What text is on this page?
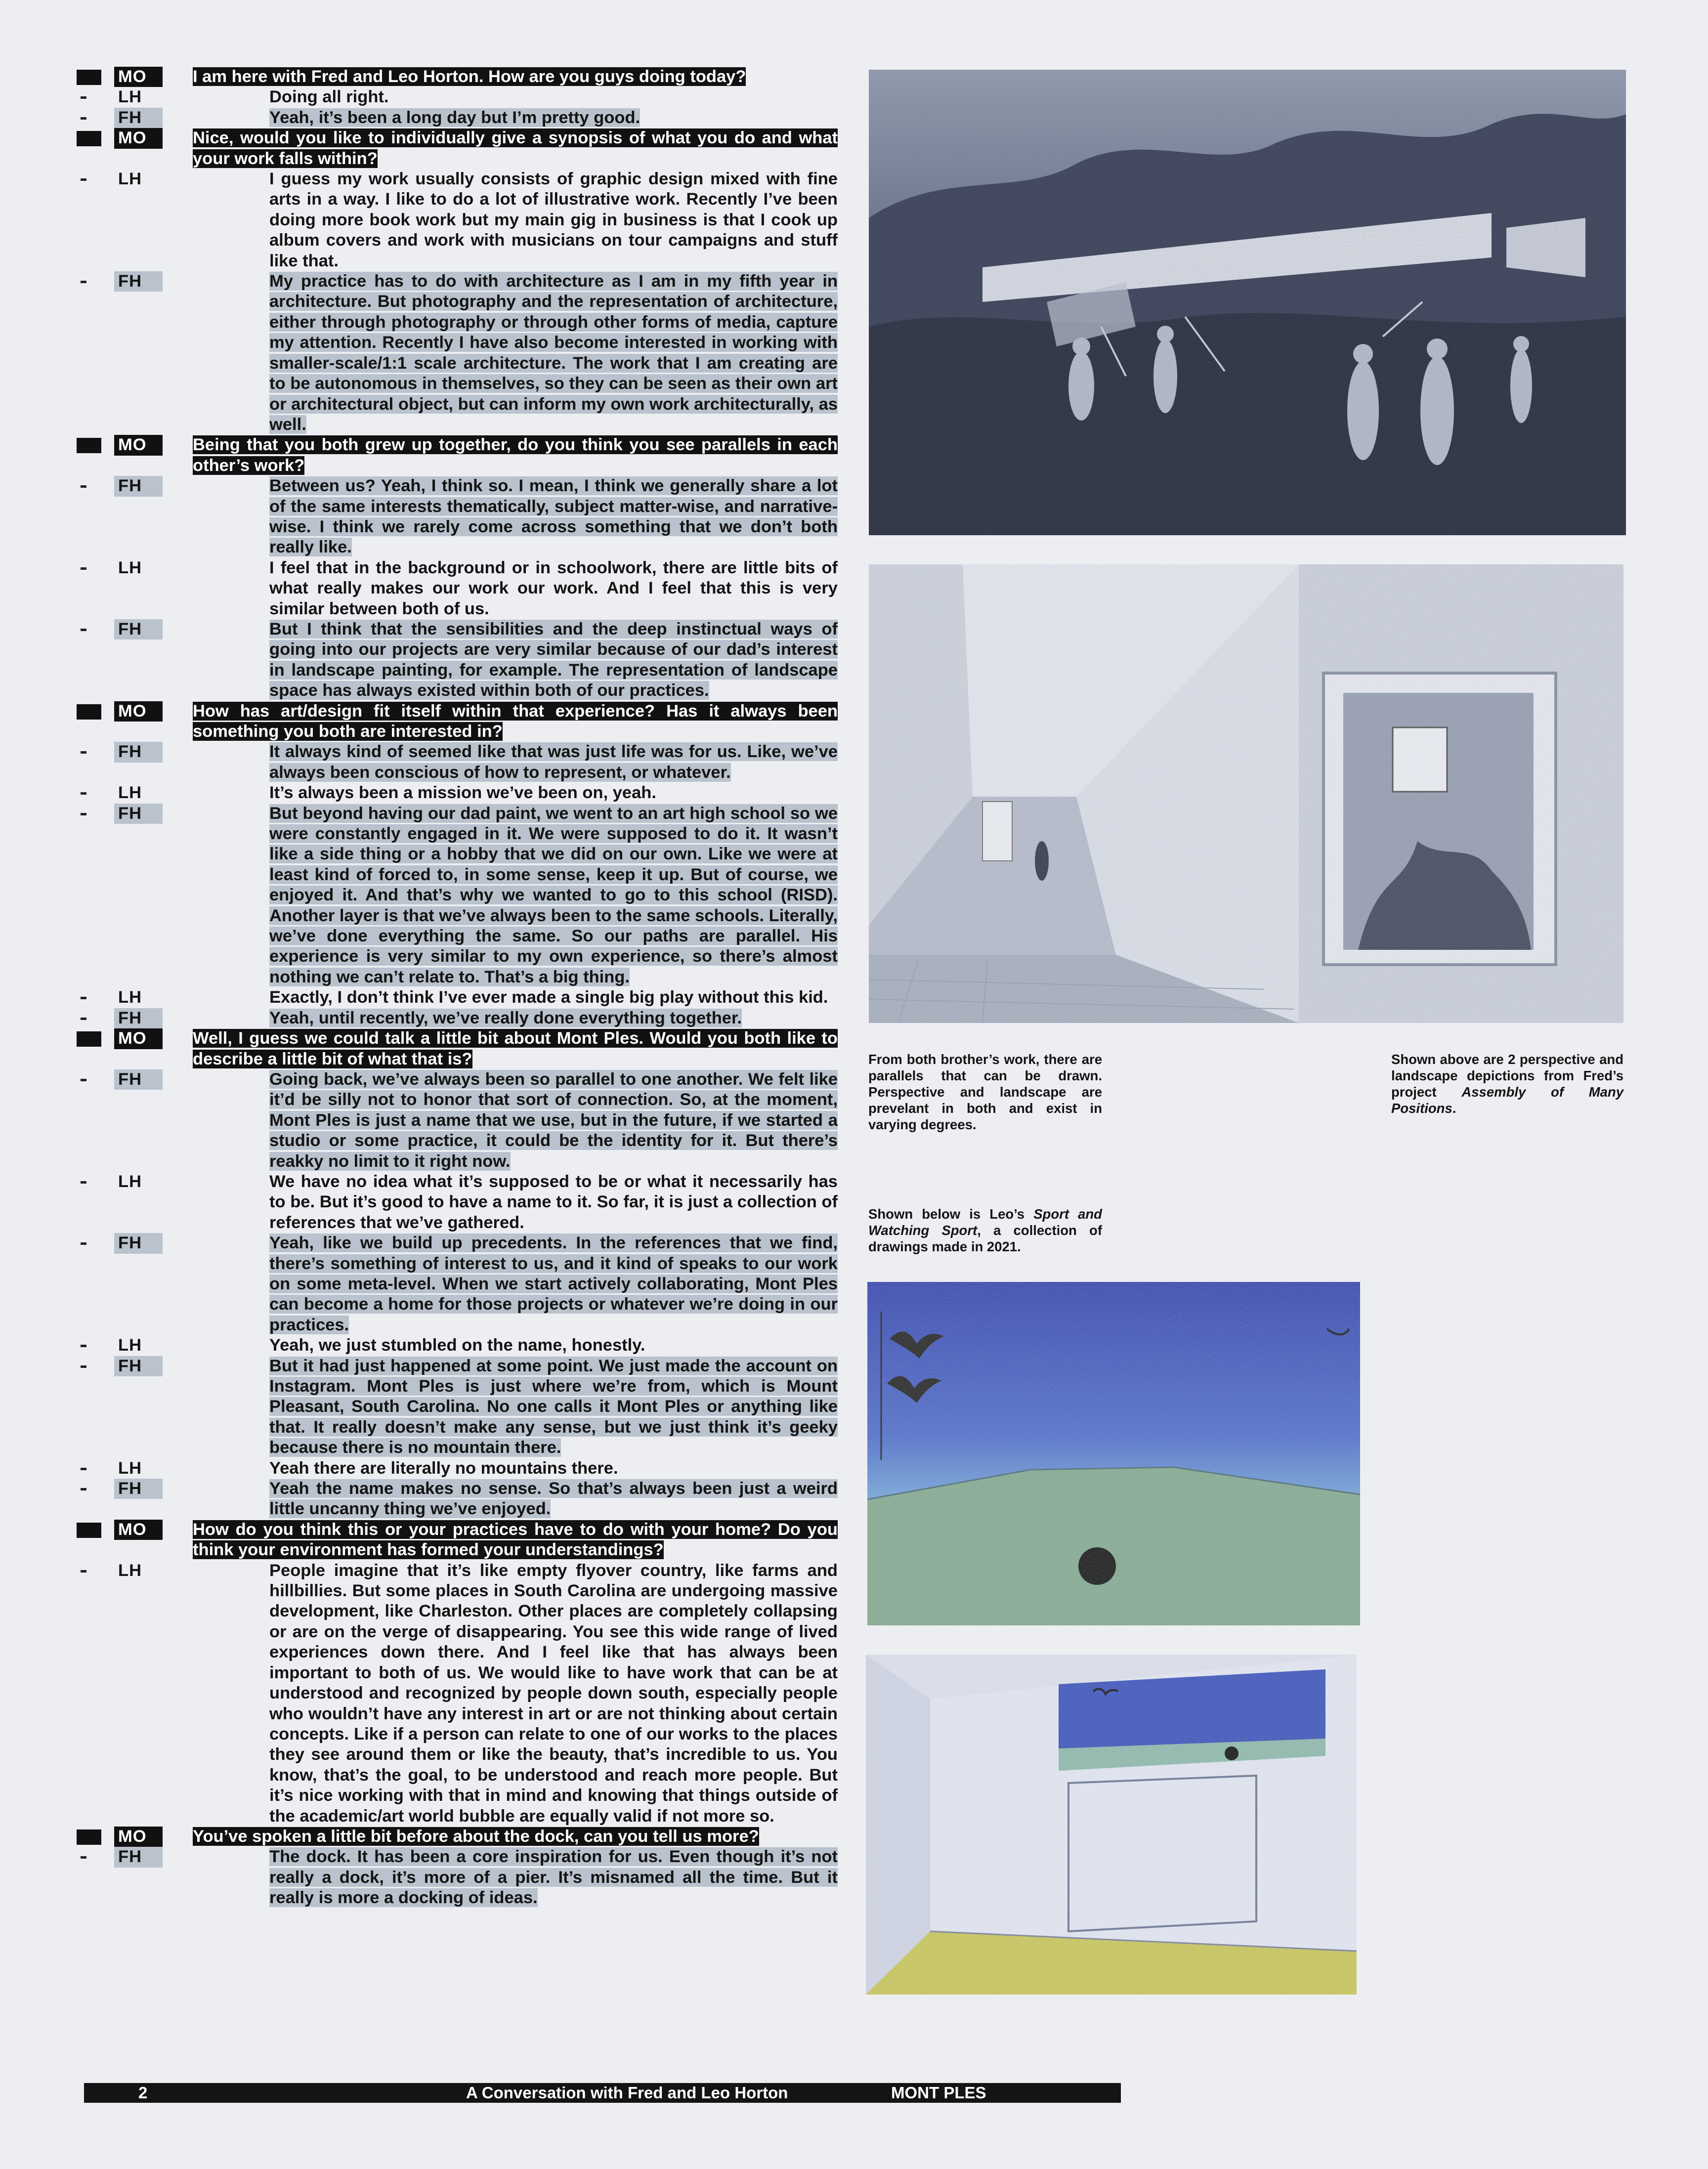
MO	I am here with Fred and Leo Horton. How are you guys doing today?
LH	Doing all right.
FH	Yeah, it’s been a long day but I’m pretty good.
MO	Nice, would you like to individually give a synopsis of what you do and what your work falls within?
LH	I guess my work usually consists of graphic design mixed with fine arts in a way. I like to do a lot of illustrative work. Recently I’ve been doing more book work but my main gig in business is that I cook up album covers and work with musicians on tour campaigns and stuff like that.
FH	My practice has to do with architecture as I am in my fifth year in architecture. But photography and the representation of architecture, either through photography or through other forms of media, capture my attention. Recently I have also become interested in working with smaller-scale/1:1 scale architecture. The work that I am creating are to be autonomous in themselves, so they can be seen as their own art or architectural object, but can inform my own work architecturally, as well.
MO	Being that you both grew up together, do you think you see parallels in each other’s work?
FH	Between us? Yeah, I think so. I mean, I think we generally share a lot of the same interests thematically, subject matter-wise, and narrative-wise. I think we rarely come across something that we don’t both really like.
LH	I feel that in the background or in schoolwork, there are little bits of what really makes our work our work. And I feel that this is very similar between both of us.
FH	But I think that the sensibilities and the deep instinctual ways of going into our projects are very similar because of our dad’s interest in landscape painting, for example. The representation of landscape space has always existed within both of our practices.
MO	How has art/design fit itself within that experience? Has it always been something you both are interested in?
FH	It always kind of seemed like that was just life was for us. Like, we’ve always been conscious of how to represent, or whatever.
LH	It’s always been a mission we’ve been on, yeah.
FH	But beyond having our dad paint, we went to an art high school so we were constantly engaged in it. We were supposed to do it. It wasn’t like a side thing or a hobby that we did on our own. Like we were at least kind of forced to, in some sense, keep it up. But of course, we enjoyed it. And that’s why we wanted to go to this school (RISD). Another layer is that we’ve always been to the same schools. Literally, we’ve done everything the same. So our paths are parallel. His experience is very similar to my own experience, so there’s almost nothing we can’t relate to. That’s a big thing.
LH	Exactly, I don’t think I’ve ever made a single big play without this kid.
FH	Yeah, until recently, we’ve really done everything together.
MO	Well, I guess we could talk a little bit about Mont Ples. Would you both like to describe a little bit of what that is?
FH	Going back, we’ve always been so parallel to one another. We felt like it’d be silly not to honor that sort of connection. So, at the moment, Mont Ples is just a name that we use, but in the future, if we started a studio or some practice, it could be the identity for it. But there’s reakky no limit to it right now.
LH	We have no idea what it’s supposed to be or what it necessarily has to be. But it’s good to have a name to it. So far, it is just a collection of references that we’ve gathered.
FH	Yeah, like we build up precedents. In the references that we find, there’s something of interest to us, and it kind of speaks to our work on some meta-level. When we start actively collaborating, Mont Ples can become a home for those projects or whatever we’re doing in our practices.
LH	Yeah, we just stumbled on the name, honestly.
FH	But it had just happened at some point. We just made the account on Instagram. Mont Ples is just where we’re from, which is Mount Pleasant, South Carolina. No one calls it Mont Ples or anything like that. It really doesn’t make any sense, but we just think it’s geeky because there is no mountain there.
LH	Yeah there are literally no mountains there.
FH	Yeah the name makes no sense. So that’s always been just a weird little uncanny thing we’ve enjoyed.
MO	How do you think this or your practices have to do with your home? Do you think your environment has formed your understandings?
LH	People imagine that it’s like empty flyover country, like farms and hillbillies. But some places in South Carolina are undergoing massive development, like Charleston. Other places are completely collapsing or are on the verge of disappearing. You see this wide range of lived experiences down there. And I feel like that has always been important to both of us. We would like to have work that can be at understood and recognized by people down south, especially people who wouldn’t have any interest in art or are not thinking about certain concepts. Like if a person can relate to one of our works to the places they see around them or like the beauty, that’s incredible to us. You know, that’s the goal, to be understood and reach more people. But it’s nice working with that in mind and knowing that things outside of the academic/art world bubble are equally valid if not more so.
MO	You’ve spoken a little bit before about the dock, can you tell us more?
FH	The dock. It has been a core inspiration for us. Even though it’s not really a dock, it’s more of a pier. It’s misnamed all the time. But it really is more a docking of ideas.
From both brother’s work, there are parallels that can be drawn. Perspective and landscape are prevelant in both and exist in varying degrees.
Shown above are 2 perspective and landscape depictions from Fred’s project Assembly of Many Positions.
Shown below is Leo’s Sport and Watching Sport, a collection of drawings made in 2021.
2	A Conversation with Fred and Leo Horton	MONT PLES
